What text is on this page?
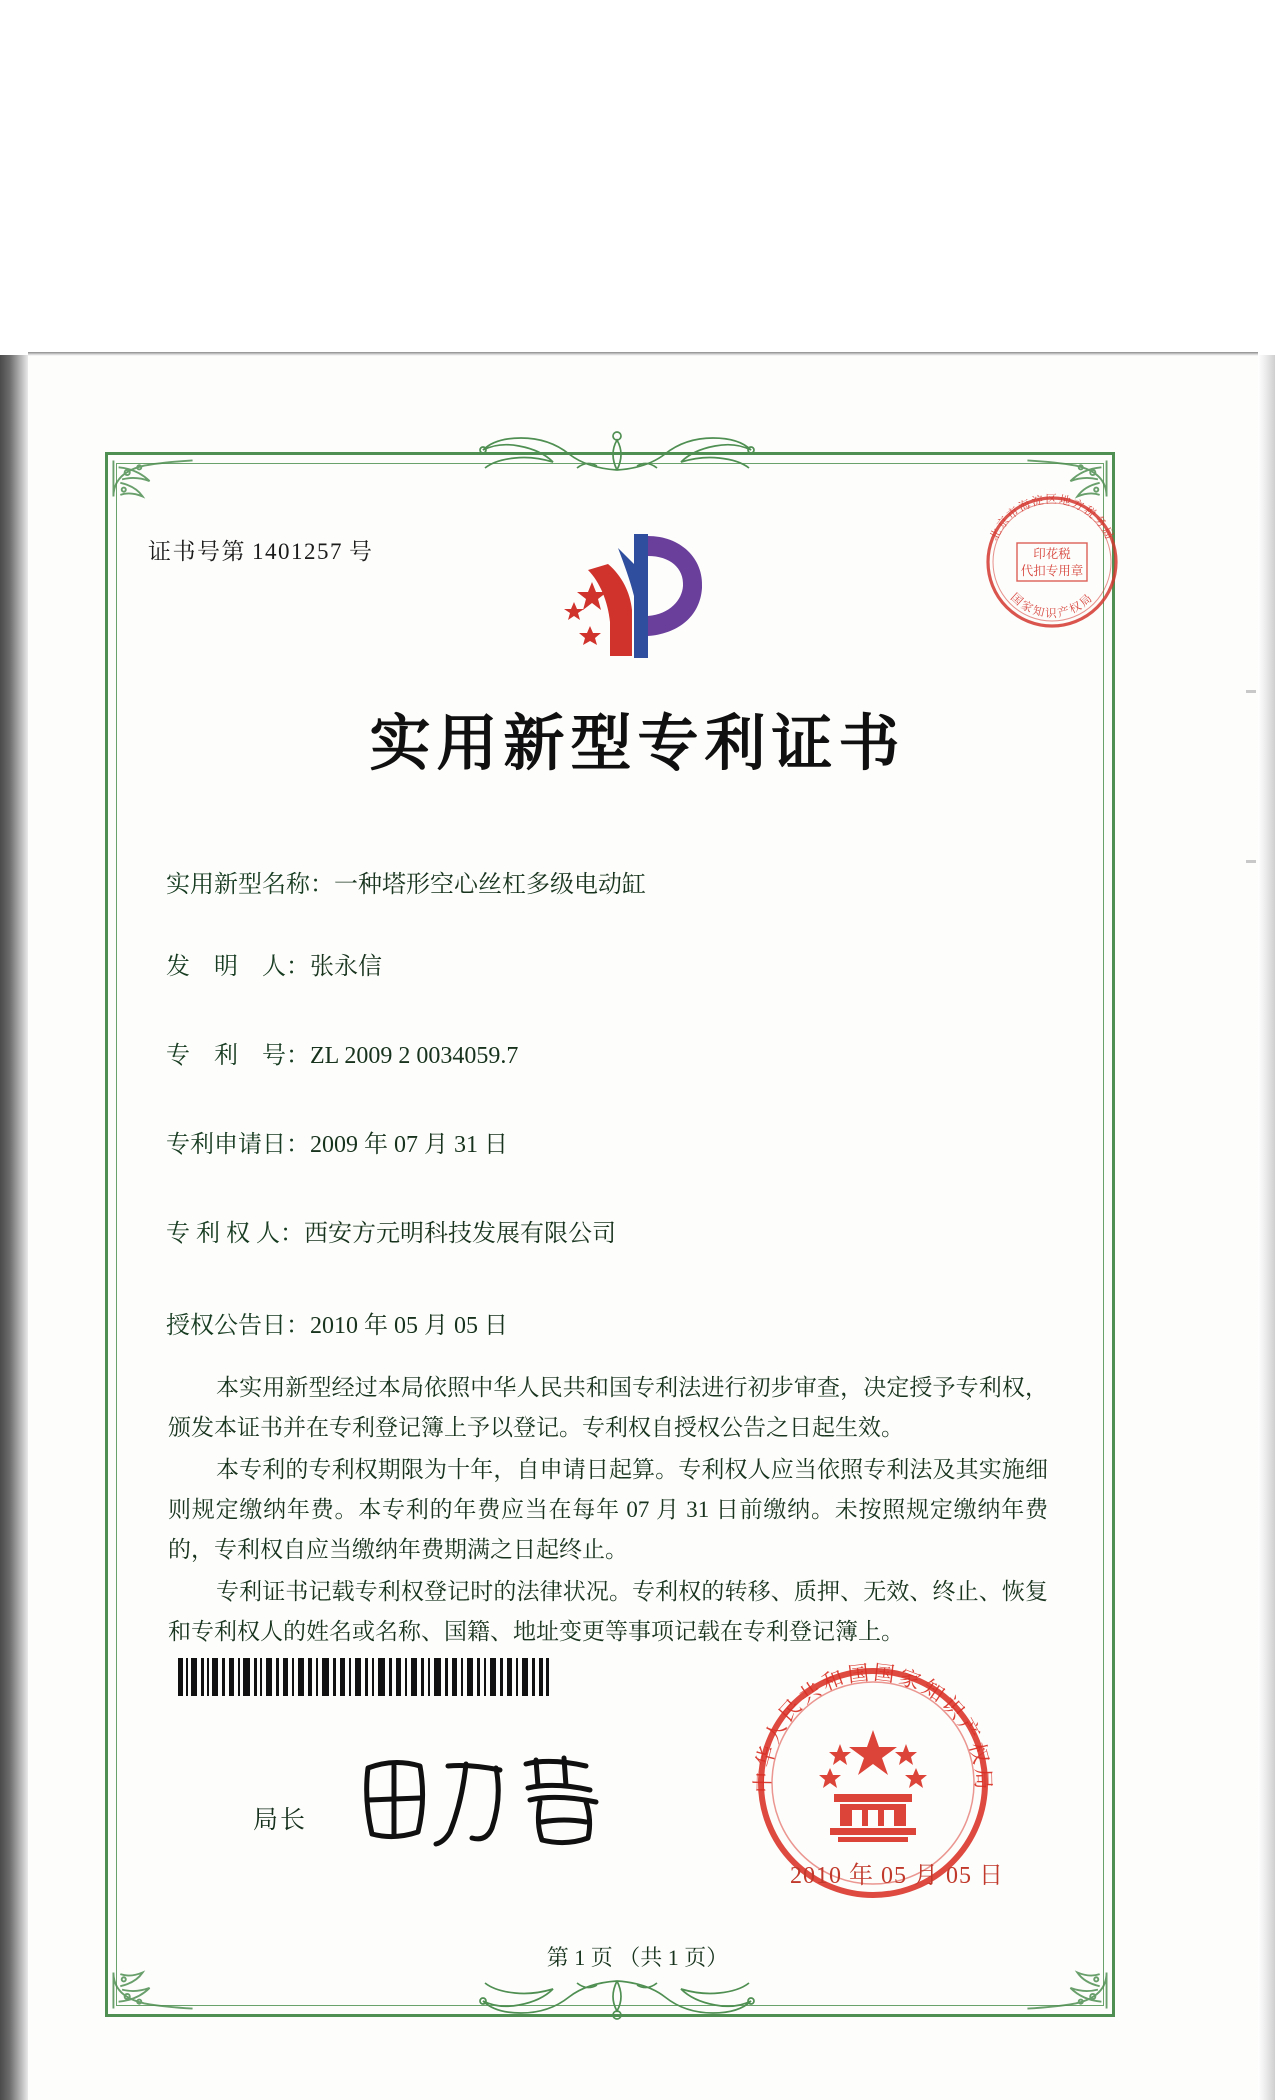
证书号第 1401257 号
北京市海淀区地方税务局
国家知识产权局
印花税
代扣专用章
实用新型专利证书
实用新型名称：一种塔形空心丝杠多级电动缸
发　明　人：张永信
专　利　号：ZL 2009 2 0034059.7
专利申请日：2009 年 07 月 31 日
专 利 权 人：西安方元明科技发展有限公司
授权公告日：2010 年 05 月 05 日

本实用新型经过本局依照中华人民共和国专利法进行初步审查，决定授予专利权，颁发本证书并在专利登记簿上予以登记。专利权自授权公告之日起生效。

本专利的专利权期限为十年，自申请日起算。专利权人应当依照专利法及其实施细则规定缴纳年费。本专利的年费应当在每年 07 月 31 日前缴纳。未按照规定缴纳年费的，专利权自应当缴纳年费期满之日起终止。

专利证书记载专利权登记时的法律状况。专利权的转移、质押、无效、终止、恢复和专利权人的姓名或名称、国籍、地址变更等事项记载在专利登记簿上。

局长
中华人民共和国国家知识产权局
2010 年 05 月 05 日
第 1 页 （共 1 页）
